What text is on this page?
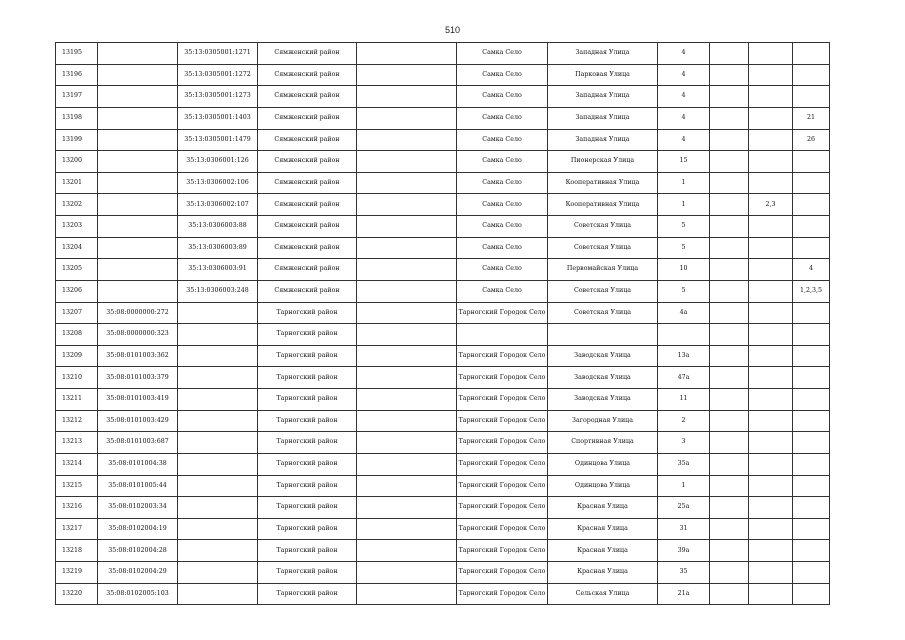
510
13195		35:13:0305001:1271	Сямженский район		Самка Село	Западная Улица	4			
13196		35:13:0305001:1272	Сямженский район		Самка Село	Парковая Улица	4			
13197		35:13:0305001:1273	Сямженский район		Самка Село	Западная Улица	4			
13198		35:13:0305001:1403	Сямженский район		Самка Село	Западная Улица	4			21
13199		35:13:0305001:1479	Сямженский район		Самка Село	Западная Улица	4			26
13200		35:13:0306001:126	Сямженский район		Самка Село	Пионерская Улица	15			
13201		35:13:0306002:106	Сямженский район		Самка Село	Кооперативная Улица	1			
13202		35:13:0306002:107	Сямженский район		Самка Село	Кооперативная Улица	1		2,3	
13203		35:13:0306003:88	Сямженский район		Самка Село	Советская Улица	5			
13204		35:13:0306003:89	Сямженский район		Самка Село	Советская Улица	5			
13205		35:13:0306003:91	Сямженский район		Самка Село	Первомайская Улица	10			4
13206		35:13:0306003:248	Сямженский район		Самка Село	Советская Улица	5			1,2,3,5
13207	35:08:0000000:272		Тарногский район		Тарногский Городок Село	Советская Улица	4а			
13208	35:08:0000000:323		Тарногский район							
13209	35:08:0101003:362		Тарногский район		Тарногский Городок Село	Заводская Улица	13а			
13210	35:08:0101003:379		Тарногский район		Тарногский Городок Село	Заводская Улица	47а			
13211	35:08:0101003:419		Тарногский район		Тарногский Городок Село	Заводская Улица	11			
13212	35:08:0101003:429		Тарногский район		Тарногский Городок Село	Загородная Улица	2			
13213	35:08:0101003:687		Тарногский район		Тарногский Городок Село	Спортивная Улица	3			
13214	35:08:0101004:38		Тарногский район		Тарногский Городок Село	Одинцова Улица	35а			
13215	35:08:0101005:44		Тарногский район		Тарногский Городок Село	Одинцова Улица	1			
13216	35:08:0102003:34		Тарногский район		Тарногский Городок Село	Красная Улица	25а			
13217	35:08:0102004:19		Тарногский район		Тарногский Городок Село	Красная Улица	31			
13218	35:08:0102004:28		Тарногский район		Тарногский Городок Село	Красная Улица	39а			
13219	35:08:0102004:29		Тарногский район		Тарногский Городок Село	Красная Улица	35			
13220	35:08:0102005:103		Тарногский район		Тарногский Городок Село	Сельская Улица	21а			
